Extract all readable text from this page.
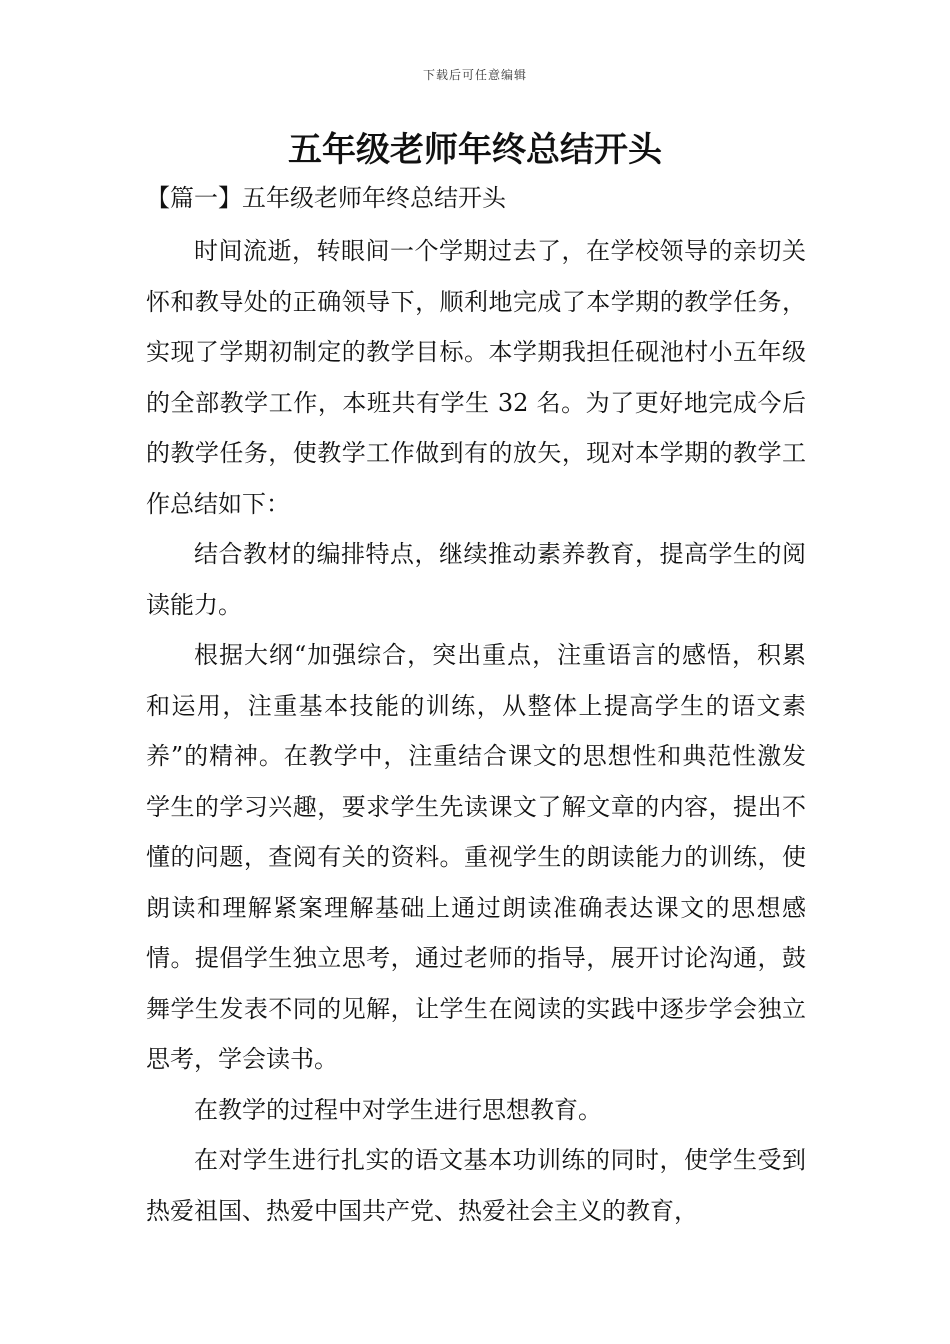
下载后可任意编辑
五年级老师年终总结开头
【篇一】五年级老师年终总结开头

时间流逝，转眼间一个学期过去了，在学校领导的亲切关怀和教导处的正确领导下，顺利地完成了本学期的教学任务，实现了学期初制定的教学目标。本学期我担任砚池村小五年级的全部教学工作，本班共有学生 32 名。为了更好地完成今后的教学任务，使教学工作做到有的放矢，现对本学期的教学工作总结如下：

结合教材的编排特点，继续推动素养教育，提高学生的阅读能力。

根据大纲“加强综合，突出重点，注重语言的感悟，积累和运用，注重基本技能的训练，从整体上提高学生的语文素养”的精神。在教学中，注重结合课文的思想性和典范性激发学生的学习兴趣，要求学生先读课文了解文章的内容，提出不懂的问题，查阅有关的资料。重视学生的朗读能力的训练，使朗读和理解紧案理解基础上通过朗读准确表达课文的思想感情。提倡学生独立思考，通过老师的指导，展开讨论沟通，鼓舞学生发表不同的见解，让学生在阅读的实践中逐步学会独立思考，学会读书。

在教学的过程中对学生进行思想教育。

在对学生进行扎实的语文基本功训练的同时，使学生受到热爱祖国、热爱中国共产党、热爱社会主义的教育，
